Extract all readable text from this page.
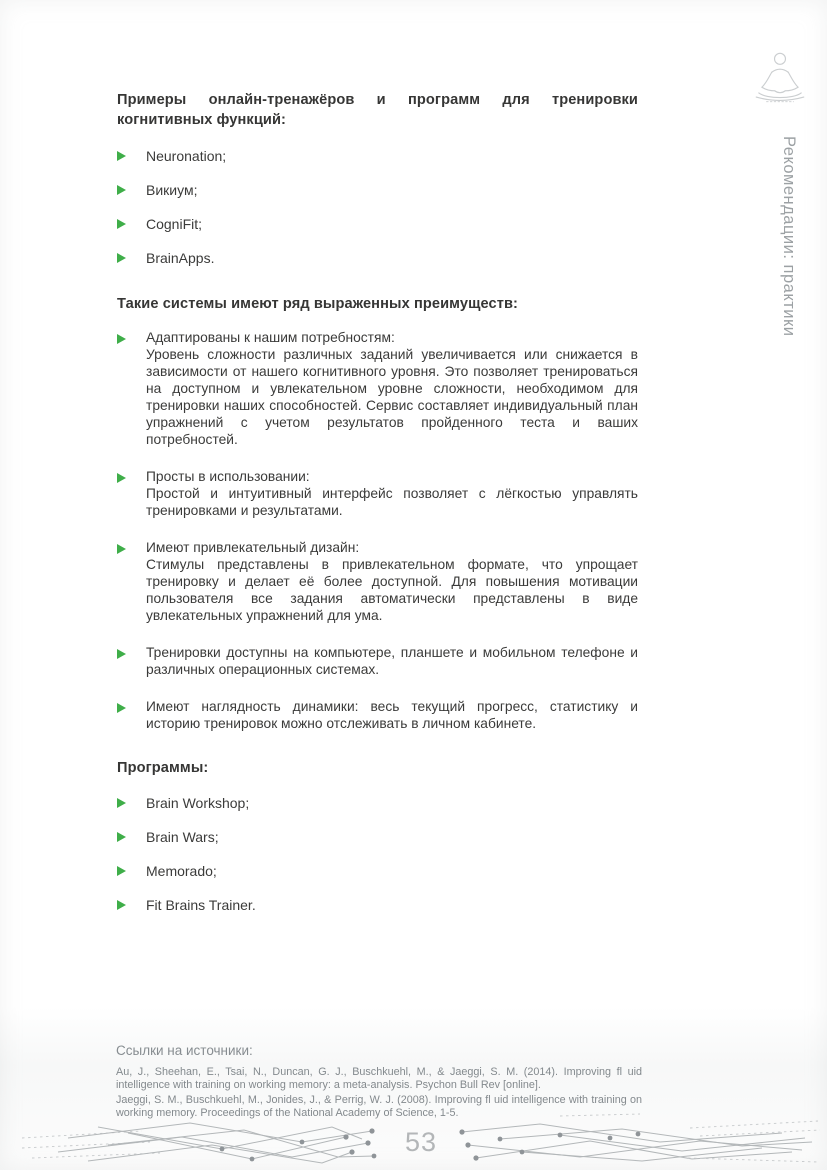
Рекомендации: практики

Примеры онлайн-тренажёров и программ для тренировки когнитивных функций:

Neuronation;
Викиум;
CogniFit;
BrainApps.
Такие системы имеют ряд выраженных преимуществ:
Адаптированы к нашим потребностям:
Уровень сложности различных заданий увеличивается или снижается в зависимости от нашего когнитивного уровня. Это позволяет тренироваться на доступном и увлекательном уровне сложности, необходимом для тренировки наших способностей. Сервис составляет индивидуальный план упражнений с учетом результатов пройденного теста и ваших потребностей.
Просты в использовании:
Простой и интуитивный интерфейс позволяет с лёгкостью управлять тренировками и результатами.
Имеют привлекательный дизайн:
Стимулы представлены в привлекательном формате, что упрощает тренировку и делает её более доступной. Для повышения мотивации пользователя все задания автоматически представлены в виде увлекательных упражнений для ума.
Тренировки доступны на компьютере, планшете и мобильном телефоне и различных операционных системах.
Имеют наглядность динамики: весь текущий прогресс, статистику и историю тренировок можно отслеживать в личном кабинете.
Программы:
Brain Workshop;
Brain Wars;
Memorado;
Fit Brains Trainer.
Ссылки на источники:

Au, J., Sheehan, E., Tsai, N., Duncan, G. J., Buschkuehl, M., & Jaeggi, S. M. (2014). Improving fl uid intelligence with training on working memory: a meta-analysis. Psychon Bull Rev [online].

Jaeggi, S. M., Buschkuehl, M., Jonides, J., & Perrig, W. J. (2008). Improving fl uid intelligence with training on working memory. Proceedings of the National Academy of Science, 1-5.

53
